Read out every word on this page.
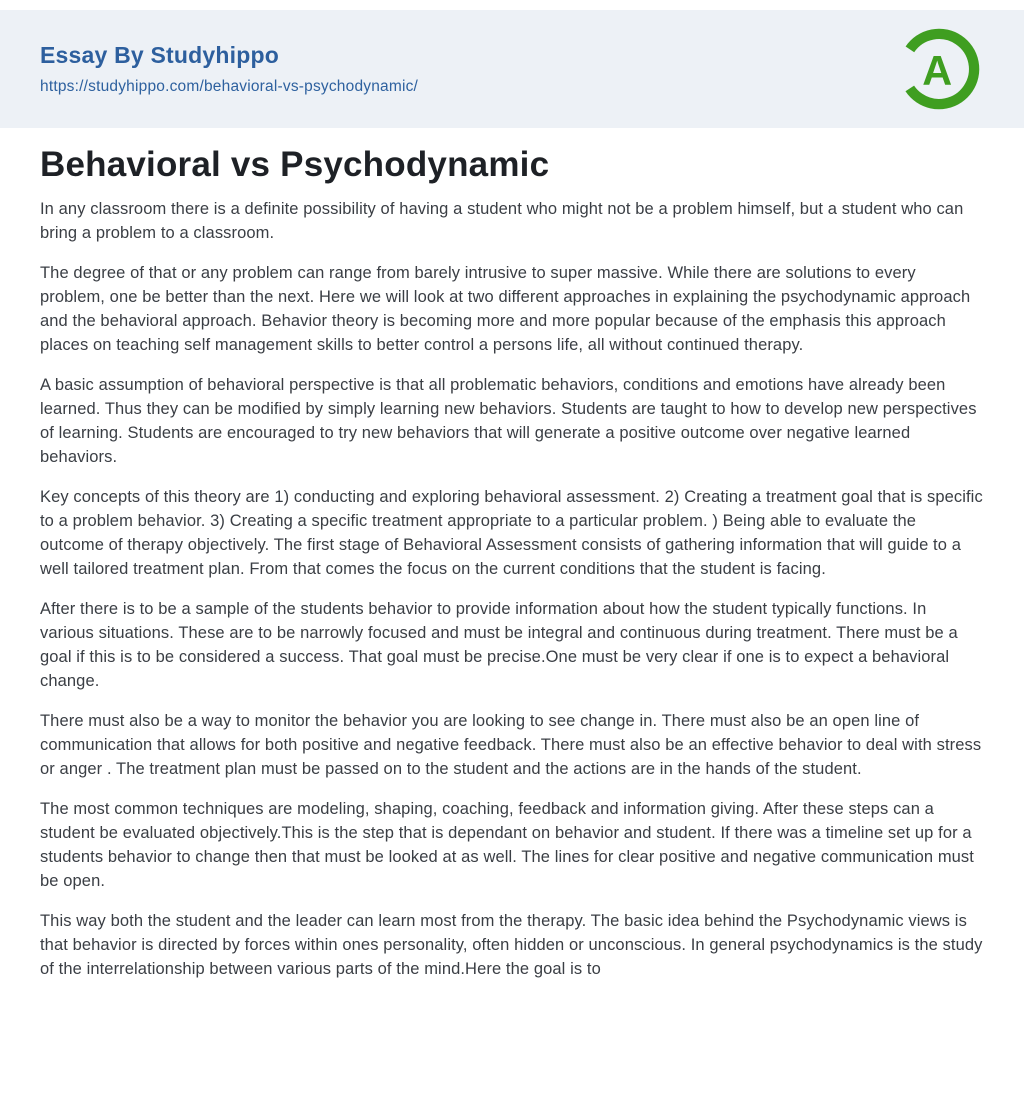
Essay By Studyhippo
https://studyhippo.com/behavioral-vs-psychodynamic/	A
Behavioral vs Psychodynamic

In any classroom there is a definite possibility of having a student who might not be a problem himself, but a student who can bring a problem to a classroom.

The degree of that or any problem can range from barely intrusive to super massive. While there are solutions to every problem, one be better than the next. Here we will look at two different approaches in explaining the psychodynamic approach and the behavioral approach. Behavior theory is becoming more and more popular because of the emphasis this approach places on teaching self management skills to better control a persons life, all without continued therapy.

A basic assumption of behavioral perspective is that all problematic behaviors, conditions and emotions have already been learned. Thus they can be modified by simply learning new behaviors. Students are taught to how to develop new perspectives of learning. Students are encouraged to try new behaviors that will generate a positive outcome over negative learned behaviors.

Key concepts of this theory are 1) conducting and exploring behavioral assessment. 2) Creating a treatment goal that is specific to a problem behavior. 3) Creating a specific treatment appropriate to a particular problem. ) Being able to evaluate the outcome of therapy objectively. The first stage of Behavioral Assessment consists of gathering information that will guide to a well tailored treatment plan. From that comes the focus on the current conditions that the student is facing.

After there is to be a sample of the students behavior to provide information about how the student typically functions. In various situations. These are to be narrowly focused and must be integral and continuous during treatment. There must be a goal if this is to be considered a success. That goal must be precise.One must be very clear if one is to expect a behavioral change.

There must also be a way to monitor the behavior you are looking to see change in. There must also be an open line of communication that allows for both positive and negative feedback. There must also be an effective behavior to deal with stress or anger . The treatment plan must be passed on to the student and the actions are in the hands of the student.

The most common techniques are modeling, shaping, coaching, feedback and information giving. After these steps can a student be evaluated objectively.This is the step that is dependant on behavior and student. If there was a timeline set up for a students behavior to change then that must be looked at as well. The lines for clear positive and negative communication must be open.

This way both the student and the leader can learn most from the therapy. The basic idea behind the Psychodynamic views is that behavior is directed by forces within ones personality, often hidden or unconscious. In general psychodynamics is the study of the interrelationship between various parts of the mind.Here the goal is to
